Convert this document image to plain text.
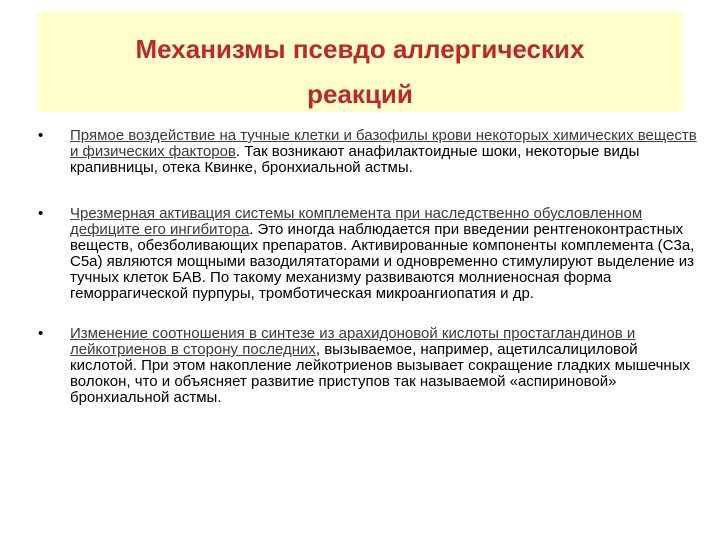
Механизмы псевдо аллергических
реакций
• Прямое воздействие на тучные клетки и базофилы крови некоторых химических веществ и физических факторов. Так возникают анафилактоидные шоки, некоторые виды крапивницы, отека Квинке, бронхиальной астмы.
• Чрезмерная активация системы комплемента при наследственно обусловленном дефиците его ингибитора. Это иногда наблюдается при введении рентгеноконтрастных веществ, обезболивающих препаратов. Активированные компоненты комплемента (С3а, С5а) являются мощными вазодилятаторами и одновременно стимулируют выделение из тучных клеток БАВ. По такому механизму развиваются молниеносная форма геморрагической пурпуры, тромботическая микроангиопатия и др.
• Изменение соотношения в синтезе из арахидоновой кислоты простагландинов и лейкотриенов в сторону последних, вызываемое, например, ацетилсалициловой кислотой. При этом накопление лейкотриенов вызывает сокращение гладких мышечных волокон, что и объясняет развитие приступов так называемой «аспириновой» бронхиальной астмы.
